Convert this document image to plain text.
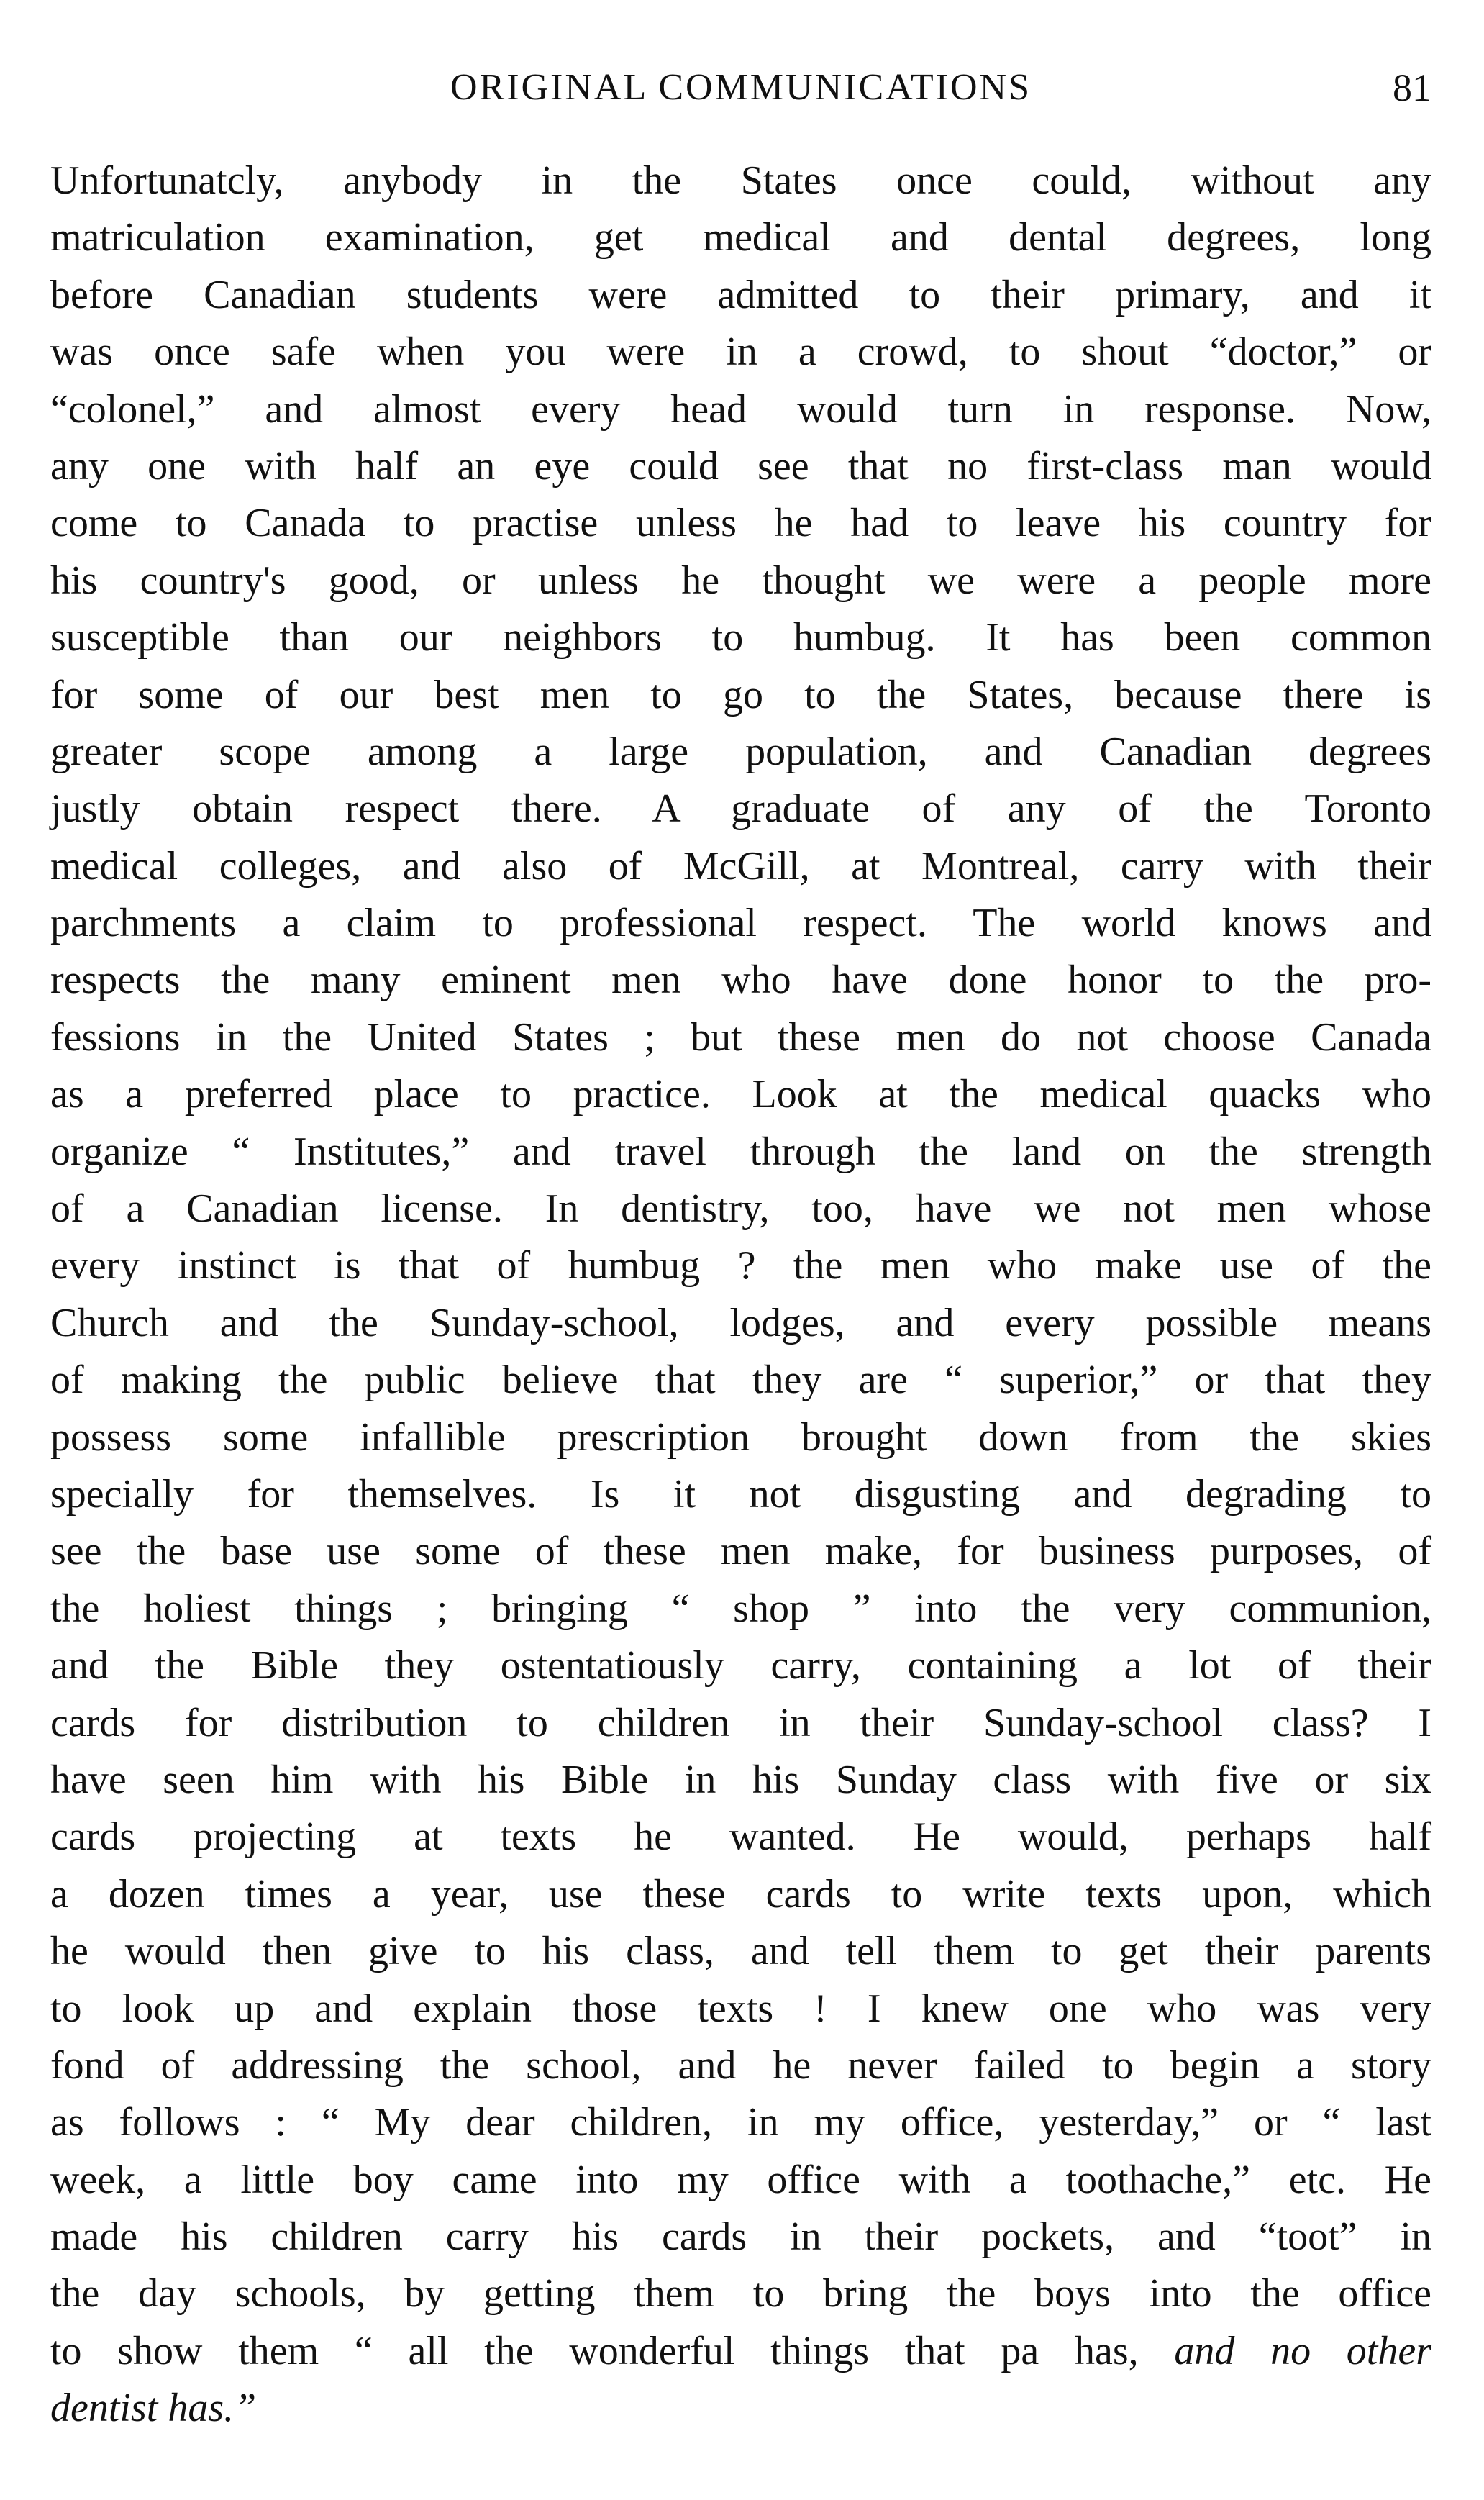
ORIGINAL COMMUNICATIONS	81
Unfortunatcly, anybody in the States once could, without any
matriculation examination, get medical and dental degrees, long
before Canadian students were admitted to their primary, and it
was once safe when you were in a crowd, to shout “doctor,” or
“colonel,” and almost every head would turn in response. Now,
any one with half an eye could see that no first-class man would
come to Canada to practise unless he had to leave his country for
his country's good, or unless he thought we were a people more
susceptible than our neighbors to humbug. It has been common
for some of our best men to go to the States, because there is
greater scope among a large population, and Canadian degrees
justly obtain respect there. A graduate of any of the Toronto
medical colleges, and also of McGill, at Montreal, carry with their
parchments a claim to professional respect. The world knows and
respects the many eminent men who have done honor to the pro-
fessions in the United States ; but these men do not choose Canada
as a preferred place to practice. Look at the medical quacks who
organize “ Institutes,” and travel through the land on the strength
of a Canadian license. In dentistry, too, have we not men whose
every instinct is that of humbug ? the men who make use of the
Church and the Sunday-school, lodges, and every possible means
of making the public believe that they are “ superior,” or that they
possess some infallible prescription brought down from the skies
specially for themselves. Is it not disgusting and degrading to
see the base use some of these men make, for business purposes, of
the holiest things ; bringing “ shop ” into the very communion,
and the Bible they ostentatiously carry, containing a lot of their
cards for distribution to children in their Sunday-school class? I
have seen him with his Bible in his Sunday class with five or six
cards projecting at texts he wanted. He would, perhaps half
a dozen times a year, use these cards to write texts upon, which
he would then give to his class, and tell them to get their parents
to look up and explain those texts ! I knew one who was very
fond of addressing the school, and he never failed to begin a story
as follows : “ My dear children, in my office, yesterday,” or “ last
week, a little boy came into my office with a toothache,” etc. He
made his children carry his cards in their pockets, and “toot” in
the day schools, by getting them to bring the boys into the office
to show them “ all the wonderful things that pa has, and no other
dentist has.”
